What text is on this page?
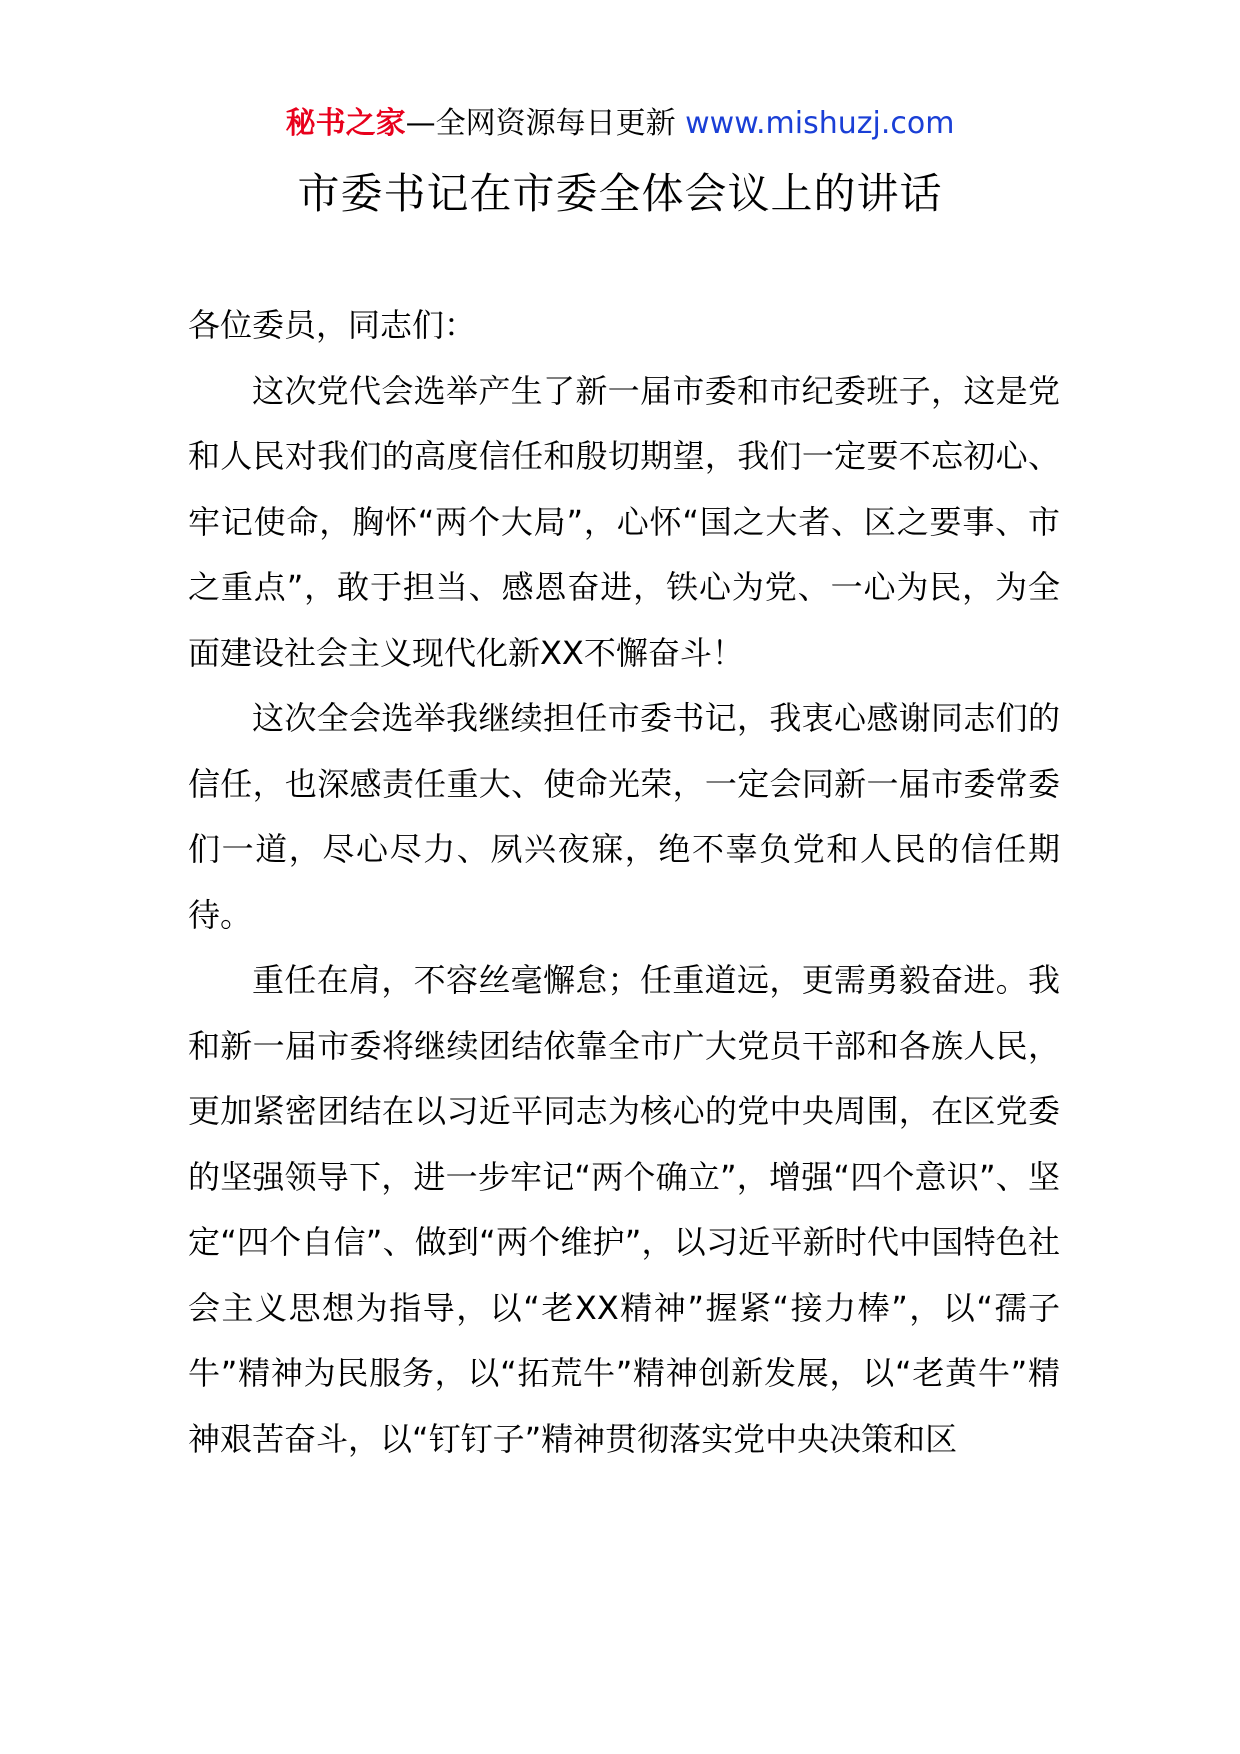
秘书之家—全网资源每日更新 www.mishuzj.com
市委书记在市委全体会议上的讲话

各位委员，同志们：

这次党代会选举产生了新一届市委和市纪委班子，这是党和人民对我们的高度信任和殷切期望，我们一定要不忘初心、牢记使命，胸怀“两个大局”，心怀“国之大者、区之要事、市之重点”，敢于担当、感恩奋进，铁心为党、一心为民，为全面建设社会主义现代化新XX不懈奋斗！

这次全会选举我继续担任市委书记，我衷心感谢同志们的信任，也深感责任重大、使命光荣，一定会同新一届市委常委们一道，尽心尽力、夙兴夜寐，绝不辜负党和人民的信任期待。

重任在肩，不容丝毫懈怠；任重道远，更需勇毅奋进。我和新一届市委将继续团结依靠全市广大党员干部和各族人民，更加紧密团结在以习近平同志为核心的党中央周围，在区党委的坚强领导下，进一步牢记“两个确立”，增强“四个意识”、坚定“四个自信”、做到“两个维护”，以习近平新时代中国特色社会主义思想为指导，以“老XX精神”握紧“接力棒”，以“孺子牛”精神为民服务，以“拓荒牛”精神创新发展，以“老黄牛”精神艰苦奋斗，以“钉钉子”精神贯彻落实党中央决策和区
